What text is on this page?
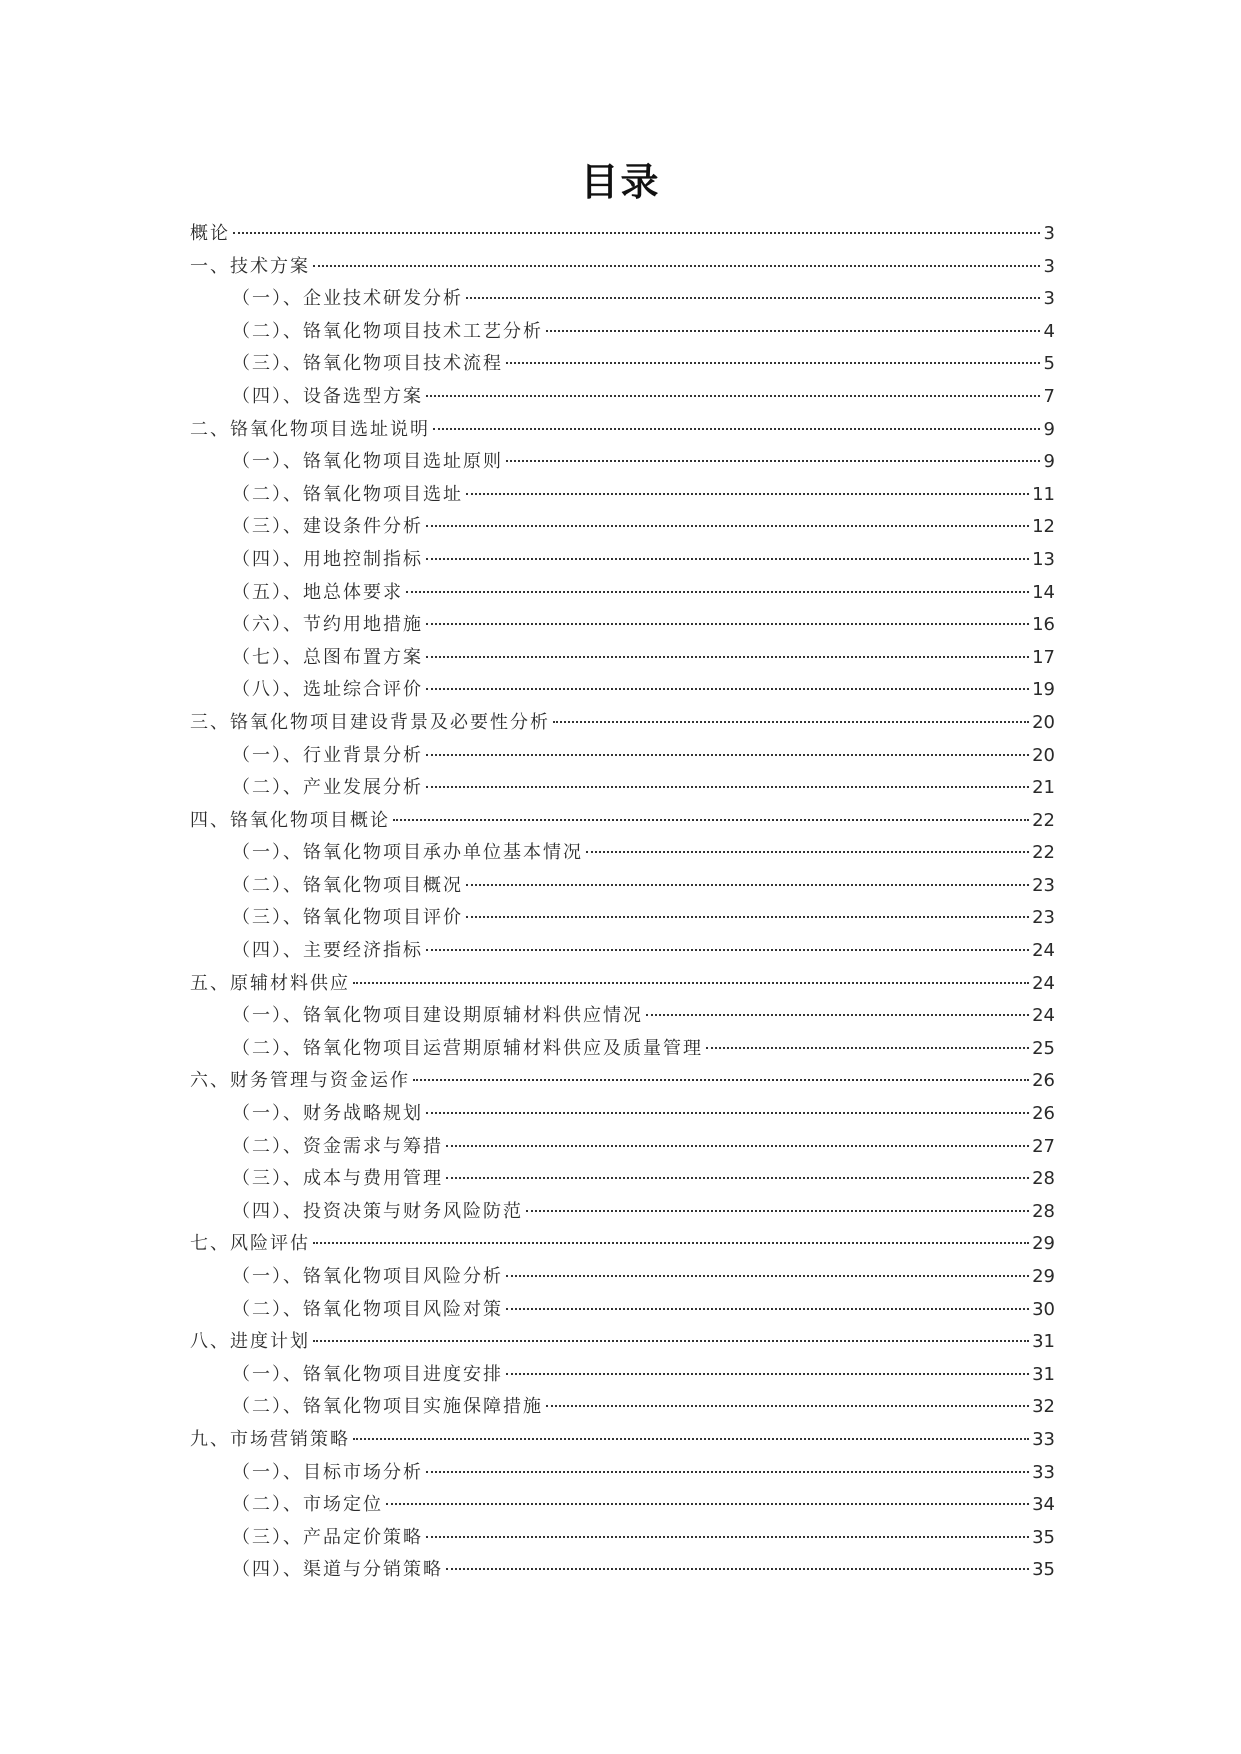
目录
概论	3
一、技术方案	3
（一）、企业技术研发分析	3
（二）、铬氧化物项目技术工艺分析	4
（三）、铬氧化物项目技术流程	5
（四）、设备选型方案	7
二、铬氧化物项目选址说明	9
（一）、铬氧化物项目选址原则	9
（二）、铬氧化物项目选址	11
（三）、建设条件分析	12
（四）、用地控制指标	13
（五）、地总体要求	14
（六）、节约用地措施	16
（七）、总图布置方案	17
（八）、选址综合评价	19
三、铬氧化物项目建设背景及必要性分析	20
（一）、行业背景分析	20
（二）、产业发展分析	21
四、铬氧化物项目概论	22
（一）、铬氧化物项目承办单位基本情况	22
（二）、铬氧化物项目概况	23
（三）、铬氧化物项目评价	23
（四）、主要经济指标	24
五、原辅材料供应	24
（一）、铬氧化物项目建设期原辅材料供应情况	24
（二）、铬氧化物项目运营期原辅材料供应及质量管理	25
六、财务管理与资金运作	26
（一）、财务战略规划	26
（二）、资金需求与筹措	27
（三）、成本与费用管理	28
（四）、投资决策与财务风险防范	28
七、风险评估	29
（一）、铬氧化物项目风险分析	29
（二）、铬氧化物项目风险对策	30
八、进度计划	31
（一）、铬氧化物项目进度安排	31
（二）、铬氧化物项目实施保障措施	32
九、市场营销策略	33
（一）、目标市场分析	33
（二）、市场定位	34
（三）、产品定价策略	35
（四）、渠道与分销策略	35
